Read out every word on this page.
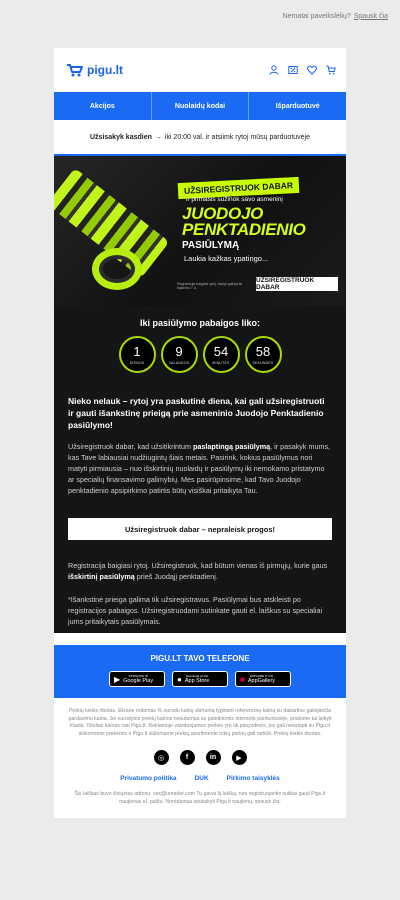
Nematai paveikslėlių? Spausk čia
pigu.lt
Akcijos	Nuolaidų kodai	Išparduotuvė
Užsisakyk kasdien → iki 20:00 val. ir atsiimk rytoj mūsų parduotuvėje
UŽSIREGISTRUOK DABAR
ir pirmasis sužinok savo asmeninį
JUODOJO
PENKTADIENIO
PASIŪLYMĄ
Laukia kažkas ypatingo...
Registracija baigiasi rytoj. Akcija galioja iki lapkričio 7 d.
UŽSIREGISTRUOK DABAR
Iki pasiūlymo pabaigos liko:
1
DIENOS
9
VALANDOS
54
MINUTĖS
58
SEKUNDĖS

Nieko nelauk – rytoj yra paskutinė diena, kai gali užsiregistruoti ir gauti išankstinę prieigą prie asmeninio Juodojo Penktadienio pasiūlymo!

Užsiregistruok dabar, kad užsitikrintum paslaptingą pasiūlymą, ir pasakyk mums, kas Tave labiausiai nudžiugintų šiais metais. Pasirink, kokius pasiūlymus nori matyti pirmiausia – nuo išskirtinių nuolaidų ir pasiūlymų iki nemokamo pristatymo ar specialių finansavimo galimybių. Mes pasirūpinsime, kad Tavo Juodojo penktadienio apsipirkimo patirtis būtų visiškai pritaikyta Tau.

Užsiregistruok dabar – nepraleisk progos!

Registracija baigiasi rytoj. Užsiregistruok, kad būtum vienas iš pirmųjų, kurie gaus išskirtinį pasiūlymą prieš Juodąjį penktadienį.

*Išankstinė prieiga galima tik užsiregistravus. Pasiūlymai bus atskleisti po registracijos pabaigos. Užsiregistruodami sutinkate gauti el. laiškus su specialiai jums pritaikytais pasiūlymais.

PIGU.LT TAVO TELEFONE
▶	ATSISIŲSK IŠ
Google Play	●	Download on the
App Store	■	EXPLORE IT ON
AppGallery

Prekių kiekis ribotas. Ekrane rodomas % nurodo kainų skirtumą lyginant referencinę kainą su dabartine galiojančia pardavimo kaina. Jei nurodytos prekių kainos nesutampa su pateiktomis interneto parduotuvėje, prašome tai laikyti klaida. Tikslias kainas rasi Pigu.lt. Reklamoje vaizduojamos prekės yra tik pavyzdinės, jos gali nesutapti su Pigu.lt siūlomomis prekėmis ir Pigu.lt siūlomame prekių asortimente tokių prekių gali nebūti. Prekių kiekis ribotas.

◎	f	in	▶
Privatumo politika	DUK	Pirkimo taisyklės

Šis laiškas buvo išsiųstas adresu: xxx@ureader.com Tu gavai šį laišką, nes registruojantis sutikai gauti Pigu.lt naujienas el. paštu. Norėdamas atsisakyti Pigu.lt naujienų, spausk čia:
